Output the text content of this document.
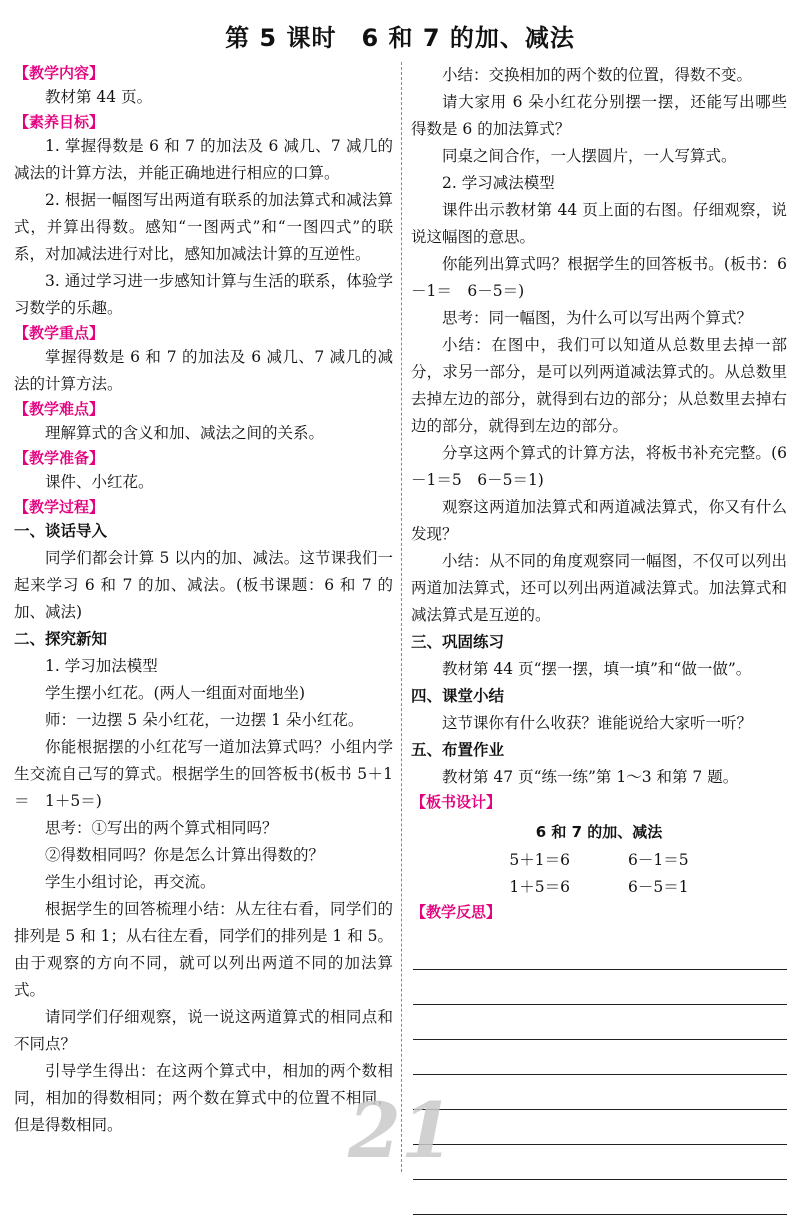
第 5 课时　6 和 7 的加、减法
【 教学内容 】

教材第 44 页。

【 素养目标 】

1. 掌握得数是 6 和 7 的加法及 6 减几、7 减几的减法的计算方法，并能正确地进行相应的口算。

2. 根据一幅图写出两道有联系的加法算式和减法算式，并算出得数。感知“一图两式”和“一图四式”的联系，对加减法进行对比，感知加减法计算的互逆性。

3. 通过学习进一步感知计算与生活的联系，体验学习数学的乐趣。

【 教学重点 】

掌握得数是 6 和 7 的加法及 6 减几、7 减几的减法的计算方法。

【 教学难点 】

理解算式的含义和加、减法之间的关系。

【 教学准备 】

课件、小红花。

【 教学过程 】
一、谈话导入

同学们都会计算 5 以内的加、减法。这节课我们一起来学习 6 和 7 的加、减法。(板书课题：6 和 7 的加、减法)

二、探究新知

1. 学习加法模型

学生摆小红花。(两人一组面对面地坐)

师：一边摆 5 朵小红花，一边摆 1 朵小红花。

你能根据摆的小红花写一道加法算式吗？小组内学生交流自己写的算式。根据学生的回答板书(板书 5＋1＝　1＋5＝)

思考：①写出的两个算式相同吗？

②得数相同吗？你是怎么计算出得数的？

学生小组讨论，再交流。

根据学生的回答梳理小结：从左往右看，同学们的排列是 5 和 1；从右往左看，同学们的排列是 1 和 5。由于观察的方向不同，就可以列出两道不同的加法算式。

请同学们仔细观察，说一说这两道算式的相同点和不同点？

引导学生得出：在这两个算式中，相加的两个数相同，相加的得数相同；两个数在算式中的位置不相同，但是得数相同。

小结：交换相加的两个数的位置，得数不变。

请大家用 6 朵小红花分别摆一摆，还能写出哪些得数是 6 的加法算式？

同桌之间合作，一人摆圆片，一人写算式。

2. 学习减法模型

课件出示教材第 44 页上面的右图。仔细观察，说说这幅图的意思。

你能列出算式吗？根据学生的回答板书。(板书：6－1＝　6－5＝)

思考：同一幅图，为什么可以写出两个算式？

小结：在图中，我们可以知道从总数里去掉一部分，求另一部分，是可以列两道减法算式的。从总数里去掉左边的部分，就得到右边的部分；从总数里去掉右边的部分，就得到左边的部分。

分享这两个算式的计算方法，将板书补充完整。(6－1＝5　6－5＝1)

观察这两道加法算式和两道减法算式，你又有什么发现？

小结：从不同的角度观察同一幅图，不仅可以列出两道加法算式，还可以列出两道减法算式。加法算式和减法算式是互逆的。

三、巩固练习

教材第 44 页“摆一摆，填一填”和“做一做”。

四、课堂小结

这节课你有什么收获？谁能说给大家听一听？

五、布置作业

教材第 47 页“练一练”第 1～3 和第 7 题。

【 板书设计 】
6 和 7 的加、减法
5＋1＝6	6－1＝5
1＋5＝6	6－5＝1
【 教学反思 】
21
